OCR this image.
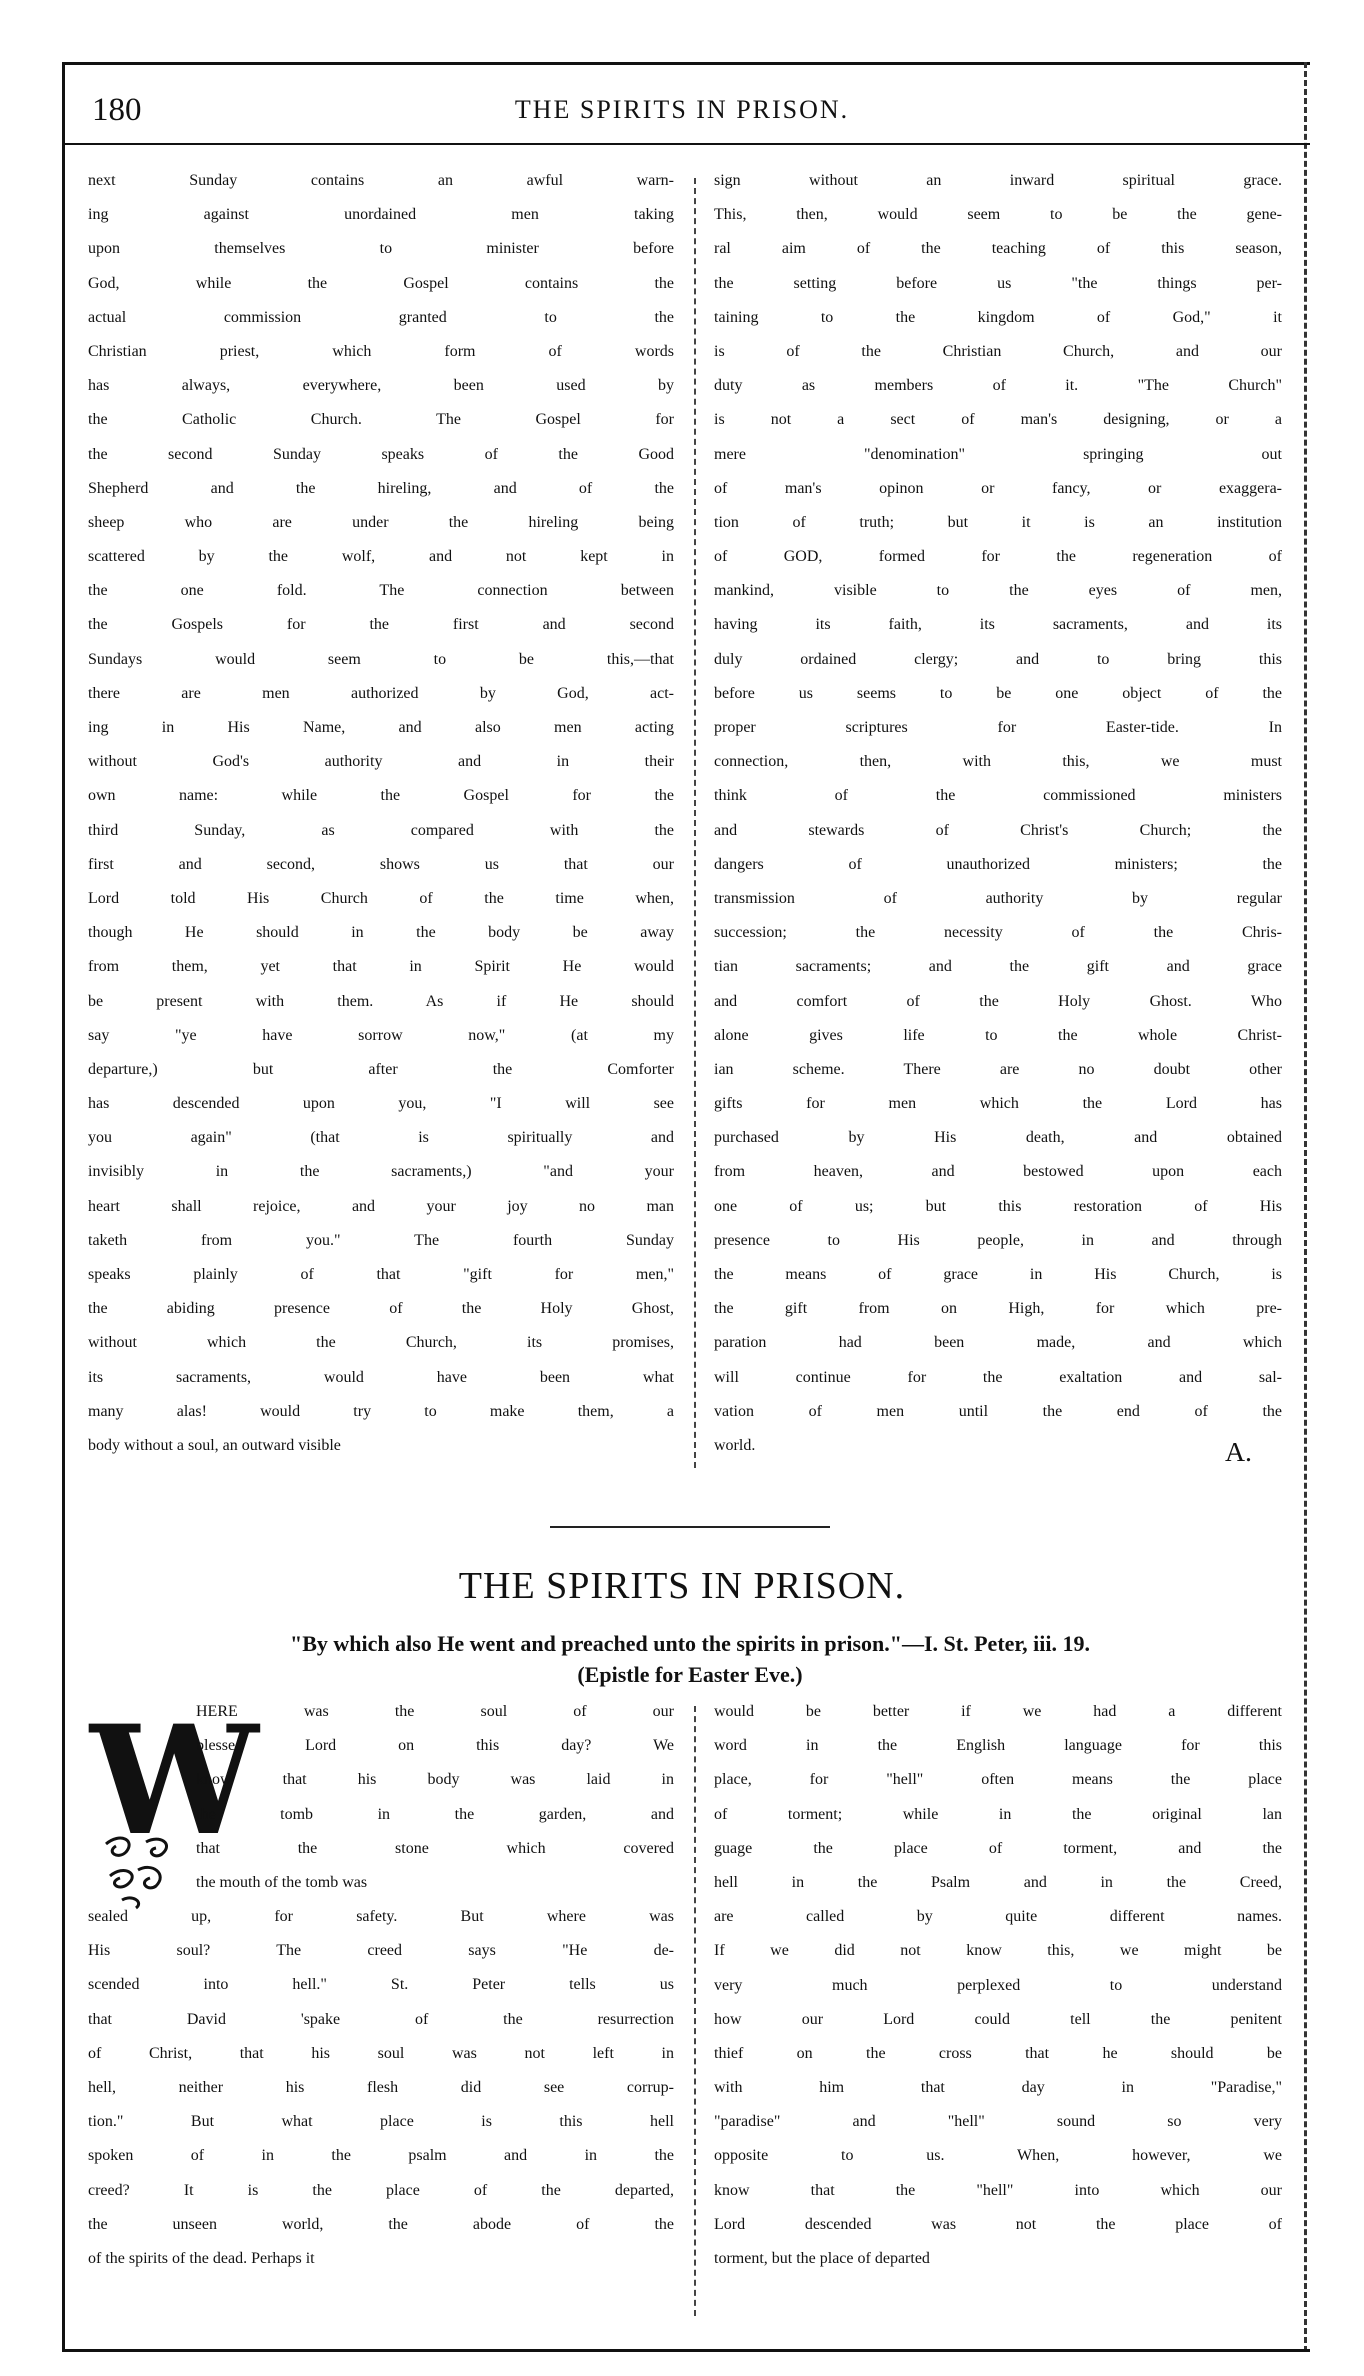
180	THE SPIRITS IN PRISON.
next Sunday contains an awful warn-
ing against unordained men taking
upon themselves to minister before
God, while the Gospel contains the
actual commission granted to the
Christian priest, which form of words
has always, everywhere, been used by
the Catholic Church. The Gospel for
the second Sunday speaks of the Good
Shepherd and the hireling, and of the
sheep who are under the hireling being
scattered by the wolf, and not kept in
the one fold. The connection between
the Gospels for the first and second
Sundays would seem to be this,—that
there are men authorized by God, act-
ing in His Name, and also men acting
without God's authority and in their
own name: while the Gospel for the
third Sunday, as compared with the
first and second, shows us that our
Lord told His Church of the time when,
though He should in the body be away
from them, yet that in Spirit He would
be present with them. As if He should
say "ye have sorrow now," (at my
departure,) but after the Comforter
has descended upon you, "I will see
you again" (that is spiritually and
invisibly in the sacraments,) "and your
heart shall rejoice, and your joy no man
taketh from you." The fourth Sunday
speaks plainly of that "gift for men,"
the abiding presence of the Holy Ghost,
without which the Church, its promises,
its sacraments, would have been what
many alas! would try to make them, a
body without a soul, an outward visible
sign without an inward spiritual grace.
This, then, would seem to be the gene-
ral aim of the teaching of this season,
the setting before us "the things per-
taining to the kingdom of God," it
is of the Christian Church, and our
duty as members of it. "The Church"
is not a sect of man's designing, or a
mere "denomination" springing out
of man's opinon or fancy, or exaggera-
tion of truth; but it is an institution
of GOD, formed for the regeneration of
mankind, visible to the eyes of men,
having its faith, its sacraments, and its
duly ordained clergy; and to bring this
before us seems to be one object of the
proper scriptures for Easter-tide. In
connection, then, with this, we must
think of the commissioned ministers
and stewards of Christ's Church; the
dangers of unauthorized ministers; the
transmission of authority by regular
succession; the necessity of the Chris-
tian sacraments; and the gift and grace
and comfort of the Holy Ghost. Who
alone gives life to the whole Christ-
ian scheme. There are no doubt other
gifts for men which the Lord has
purchased by His death, and obtained
from heaven, and bestowed upon each
one of us; but this restoration of His
presence to His people, in and through
the means of grace in His Church, is
the gift from on High, for which pre-
paration had been made, and which
will continue for the exaltation and sal-
vation of men until the end of the
world.	A.
THE SPIRITS IN PRISON.
"By which also He went and preached unto the spirits in prison."—I. St. Peter, iii. 19.
(Epistle for Easter Eve.)
W
HERE was the soul of our
blessed Lord on this day? We
know that his body was laid in
the tomb in the garden, and
that the stone which covered
the mouth of the tomb was
sealed up, for safety. But where was
His soul? The creed says "He de-
scended into hell." St. Peter tells us
that David 'spake of the resurrection
of Christ, that his soul was not left in
hell, neither his flesh did see corrup-
tion." But what place is this hell
spoken of in the psalm and in the
creed? It is the place of the departed,
the unseen world, the abode of the
of the spirits of the dead. Perhaps it
would be better if we had a different
word in the English language for this
place, for "hell" often means the place
of torment; while in the original lan
guage the place of torment, and the
hell in the Psalm and in the Creed,
are called by quite different names.
If we did not know this, we might be
very much perplexed to understand
how our Lord could tell the penitent
thief on the cross that he should be
with him that day in "Paradise,"
"paradise" and "hell" sound so very
opposite to us. When, however, we
know that the "hell" into which our
Lord descended was not the place of
torment, but the place of departed
